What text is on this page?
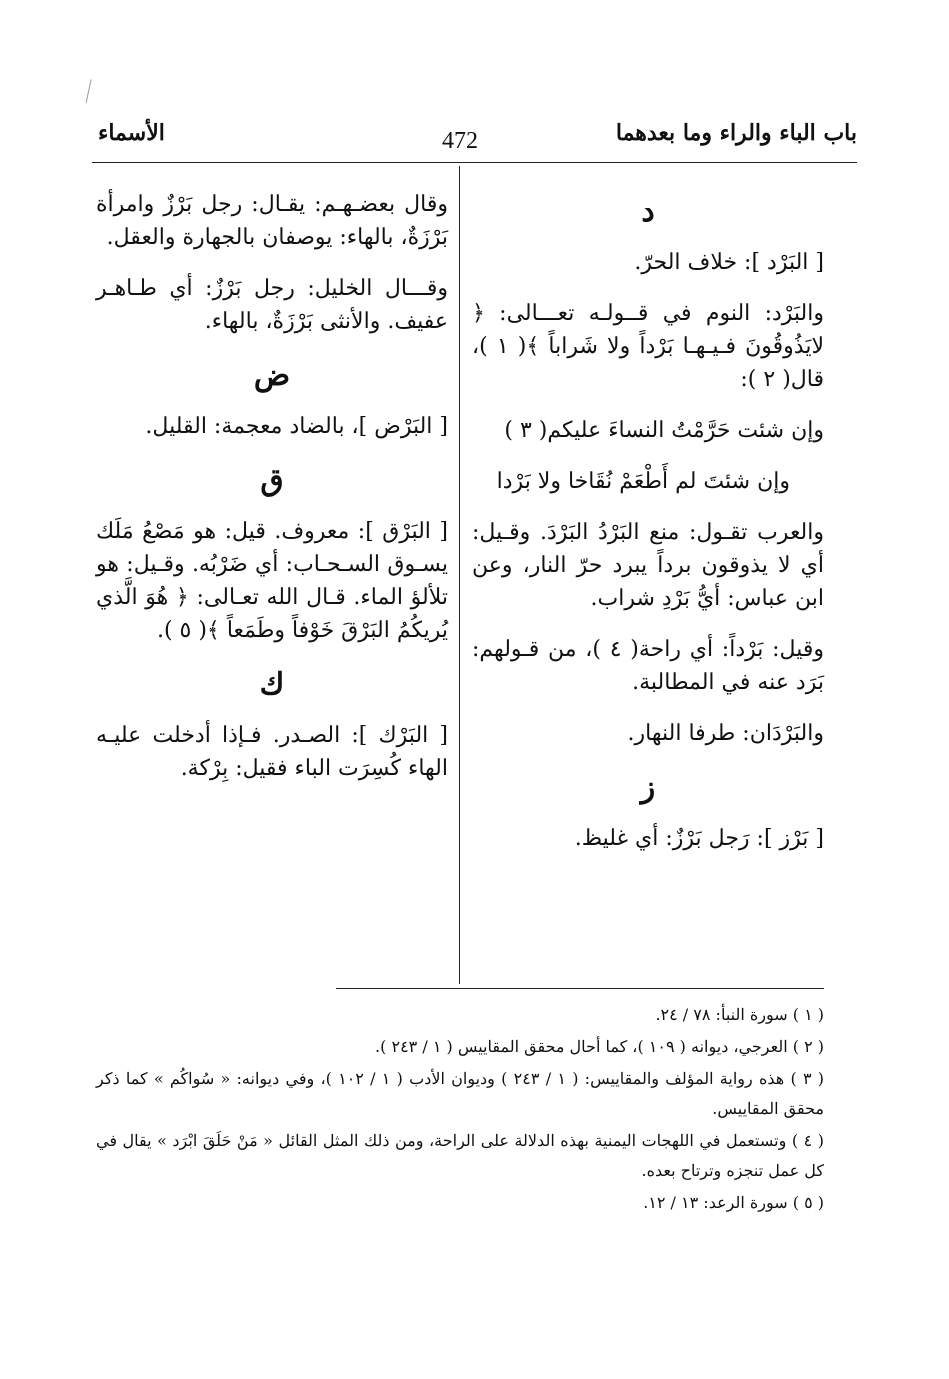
باب الباء والراء وما بعدهما
472
الأسماء
د

[ البَرْد ]: خلاف الحرّ.

والبَرْد: النوم في قــولـه تعـــالى: ﴿ لايَذُوقُونَ فـيـهـا بَرْداً ولا شَراباً ﴾( ١ )، قال( ٢ ):

وإن شئت حَرَّمْتُ النساءَ عليكم( ٣ )
وإن شئتَ لم أَطْعَمْ نُقَاخا ولا بَرْدا

والعرب تقـول: منع البَرْدُ البَرْدَ. وقـيل: أي لا يذوقون برداً يبرد حرّ النار، وعن ابن عباس: أيُّ بَرْدِ شراب.

وقيل: بَرْداً: أي راحة( ٤ )، من قـولهم: بَرَد عنه في المطالبة.

والبَرْدَان: طرفا النهار.

ز

[ بَرْز ]: رَجل بَرْزٌ: أي غليظ.

وقال بعضـهـم: يقـال: رجل بَرْزٌ وامرأة بَرْزَةٌ، بالهاء: يوصفان بالجهارة والعقل.

وقـــال الخليل: رجل بَرْزٌ: أي طـاهـر عفيف. والأنثى بَرْزَةٌ، بالهاء.

ض

[ البَرْض ]، بالضاد معجمة: القليل.

ق

[ البَرْق ]: معروف. قيل: هو مَصْعُ مَلَك يسـوق السـحـاب: أي ضَرْبُه. وقـيل: هو تلألؤ الماء. قـال الله تعـالى: ﴿ هُوَ الَّذي يُريكُمُ البَرْقَ خَوْفاً وطَمَعاً ﴾( ٥ ).

ك

[ البَرْك ]: الصـدر. فـإذا أدخلت عليـه الهاء كُسِرَت الباء فقيل: بِرْكة.

( ١ ) سورة النبأ: ٧٨ / ٢٤.

( ٢ ) العرجي، ديوانه ( ١٠٩ )، كما أحال محقق المقاييس ( ١ / ٢٤٣ ).

( ٣ ) هذه رواية المؤلف والمقاييس: ( ١ / ٢٤٣ ) وديوان الأدب ( ١ / ١٠٢ )، وفي ديوانه: « سُواكُم » كما ذكر محقق المقاييس.

( ٤ ) وتستعمل في اللهجات اليمنية بهذه الدلالة على الراحة، ومن ذلك المثل القائل « مَنْ حَلَقَ ابْرَد » يقال في كل عمل تنجزه وترتاح بعده.

( ٥ ) سورة الرعد: ١٣ / ١٢.
